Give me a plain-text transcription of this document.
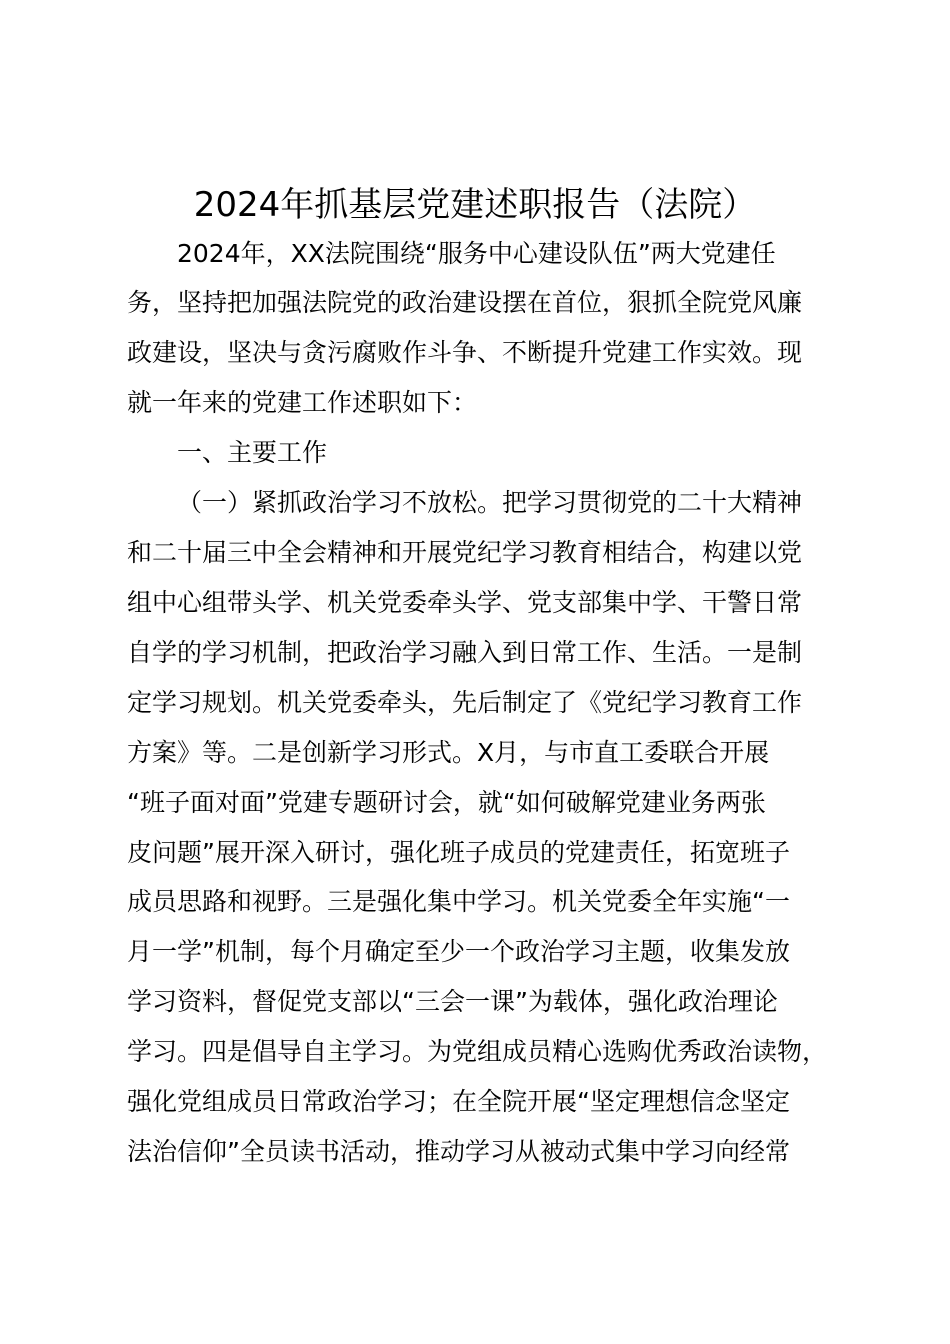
2024年抓基层党建述职报告（法院）
2024年，XX法院围绕“服务中心建设队伍”两大党建任
务，坚持把加强法院党的政治建设摆在首位，狠抓全院党风廉
政建设，坚决与贪污腐败作斗争、不断提升党建工作实效。现
就一年来的党建工作述职如下：
一、主要工作
（一）紧抓政治学习不放松。把学习贯彻党的二十大精神
和二十届三中全会精神和开展党纪学习教育相结合，构建以党
组中心组带头学、机关党委牵头学、党支部集中学、干警日常
自学的学习机制，把政治学习融入到日常工作、生活。一是制
定学习规划。机关党委牵头，先后制定了《党纪学习教育工作
方案》等。二是创新学习形式。X月，与市直工委联合开展
“班子面对面”党建专题研讨会，就“如何破解党建业务两张
皮问题”展开深入研讨，强化班子成员的党建责任，拓宽班子
成员思路和视野。三是强化集中学习。机关党委全年实施“一
月一学”机制，每个月确定至少一个政治学习主题，收集发放
学习资料，督促党支部以“三会一课”为载体，强化政治理论
学习。四是倡导自主学习。为党组成员精心选购优秀政治读物，
强化党组成员日常政治学习；在全院开展“坚定理想信念坚定
法治信仰”全员读书活动，推动学习从被动式集中学习向经常
